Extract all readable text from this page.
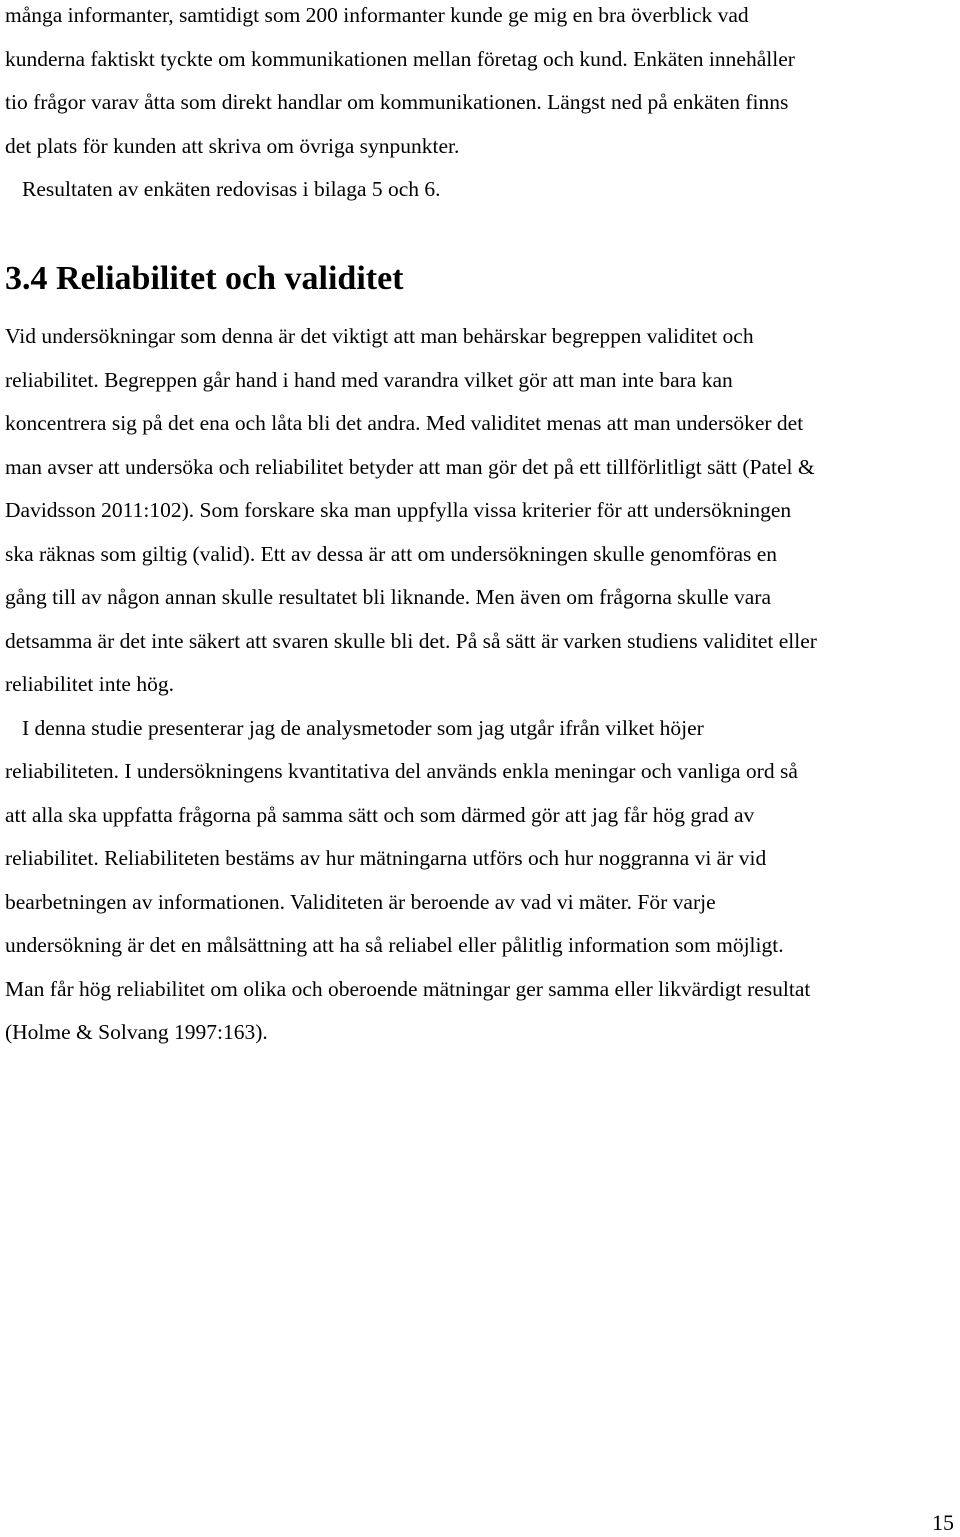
många informanter, samtidigt som 200 informanter kunde ge mig en bra överblick vad
kunderna faktiskt tyckte om kommunikationen mellan företag och kund. Enkäten innehåller
tio frågor varav åtta som direkt handlar om kommunikationen. Längst ned på enkäten finns
det plats för kunden att skriva om övriga synpunkter.
Resultaten av enkäten redovisas i bilaga 5 och 6.

3.4 Reliabilitet och validitet

Vid undersökningar som denna är det viktigt att man behärskar begreppen validitet och
reliabilitet. Begreppen går hand i hand med varandra vilket gör att man inte bara kan
koncentrera sig på det ena och låta bli det andra. Med validitet menas att man undersöker det
man avser att undersöka och reliabilitet betyder att man gör det på ett tillförlitligt sätt (Patel &
Davidsson 2011:102). Som forskare ska man uppfylla vissa kriterier för att undersökningen
ska räknas som giltig (valid). Ett av dessa är att om undersökningen skulle genomföras en
gång till av någon annan skulle resultatet bli liknande. Men även om frågorna skulle vara
detsamma är det inte säkert att svaren skulle bli det. På så sätt är varken studiens validitet eller
reliabilitet inte hög.
I denna studie presenterar jag de analysmetoder som jag utgår ifrån vilket höjer
reliabiliteten. I undersökningens kvantitativa del används enkla meningar och vanliga ord så
att alla ska uppfatta frågorna på samma sätt och som därmed gör att jag får hög grad av
reliabilitet. Reliabiliteten bestäms av hur mätningarna utförs och hur noggranna vi är vid
bearbetningen av informationen. Validiteten är beroende av vad vi mäter. För varje
undersökning är det en målsättning att ha så reliabel eller pålitlig information som möjligt.
Man får hög reliabilitet om olika och oberoende mätningar ger samma eller likvärdigt resultat
(Holme & Solvang 1997:163).

15
